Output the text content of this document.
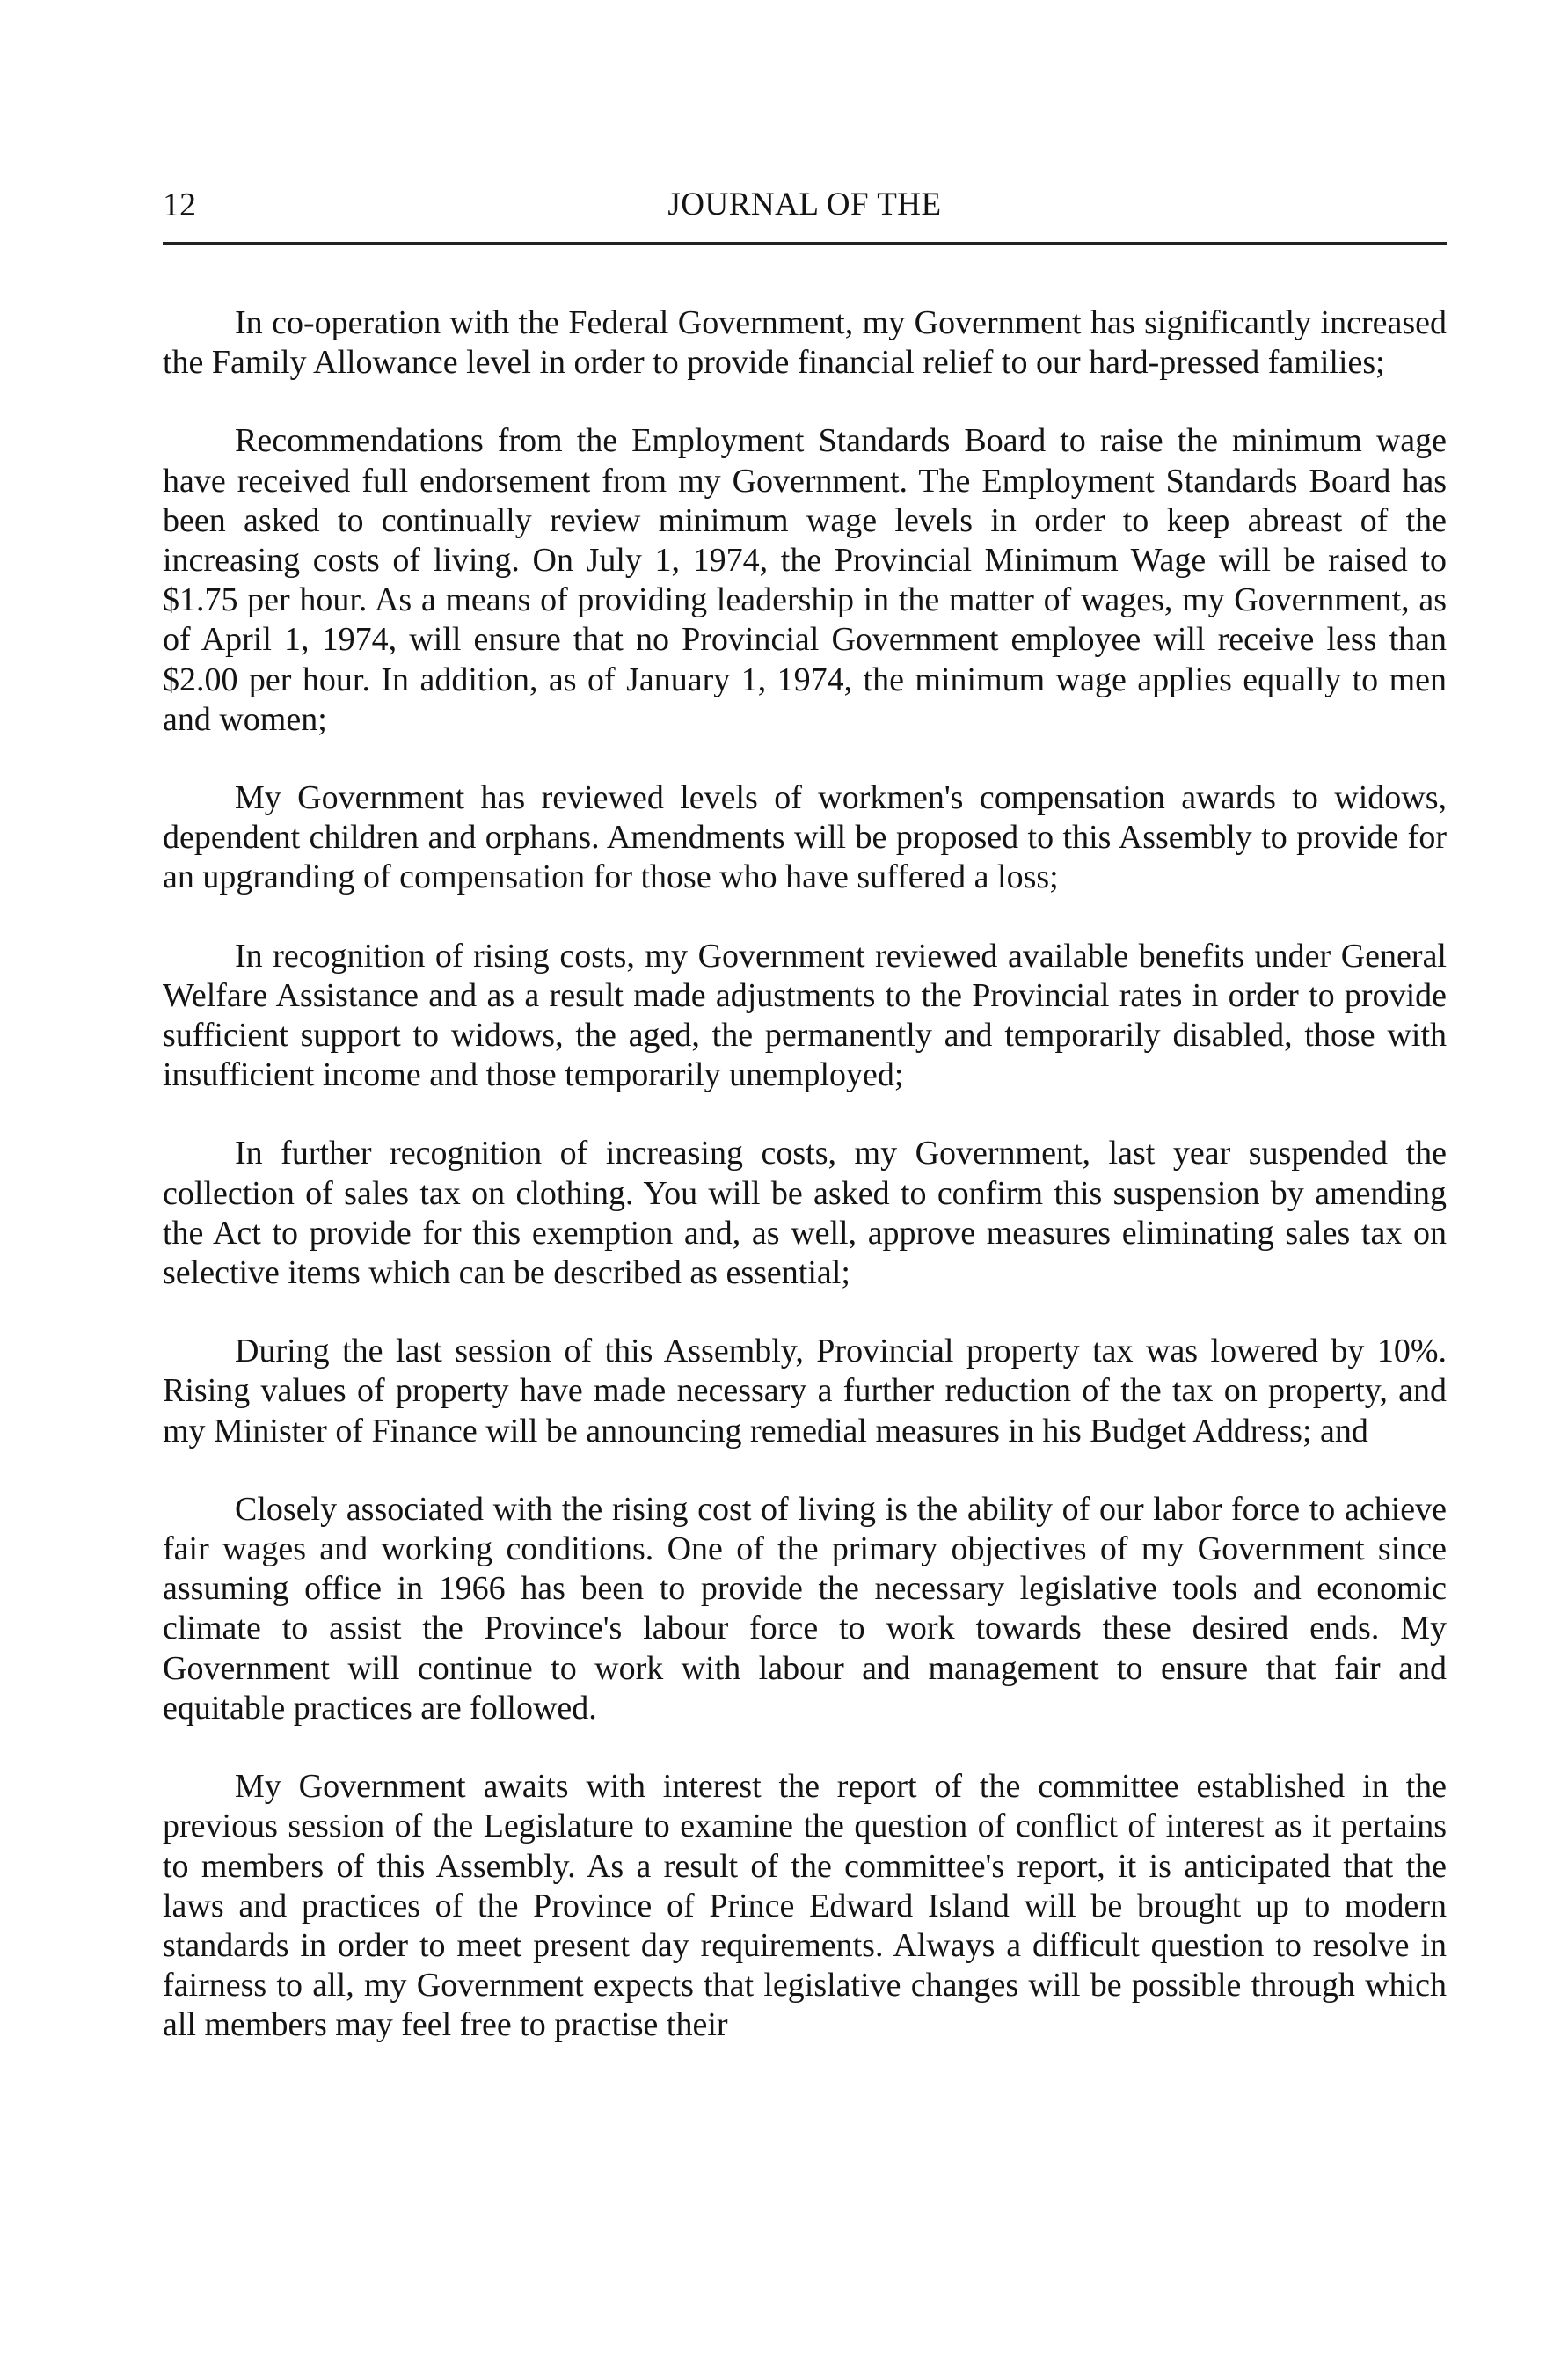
12	JOURNAL OF THE

In co-operation with the Federal Government, my Government has significantly increased the Family Allowance level in order to provide financial relief to our hard-pressed families;

Recommendations from the Employment Standards Board to raise the minimum wage have received full endorsement from my Government. The Employment Standards Board has been asked to continually review minimum wage levels in order to keep abreast of the increasing costs of living. On July 1, 1974, the Provincial Minimum Wage will be raised to $1.75 per hour. As a means of providing leadership in the matter of wages, my Government, as of April 1, 1974, will ensure that no Provincial Government employee will receive less than $2.00 per hour. In addition, as of January 1, 1974, the minimum wage applies equally to men and women;

My Government has reviewed levels of workmen's compensation awards to widows, dependent children and orphans. Amendments will be proposed to this Assembly to provide for an upgranding of compensation for those who have suffered a loss;

In recognition of rising costs, my Government reviewed available benefits under General Welfare Assistance and as a result made adjustments to the Provincial rates in order to provide sufficient support to widows, the aged, the permanently and temporarily disabled, those with insufficient income and those temporarily unemployed;

In further recognition of increasing costs, my Government, last year suspended the collection of sales tax on clothing. You will be asked to confirm this suspension by amending the Act to provide for this exemption and, as well, approve measures eliminating sales tax on selective items which can be described as essential;

During the last session of this Assembly, Provincial property tax was lowered by 10%. Rising values of property have made necessary a further reduction of the tax on property, and my Minister of Finance will be announcing remedial measures in his Budget Address; and

Closely associated with the rising cost of living is the ability of our labor force to achieve fair wages and working conditions. One of the primary objectives of my Government since assuming office in 1966 has been to provide the necessary legislative tools and economic climate to assist the Province's labour force to work towards these desired ends. My Government will continue to work with labour and management to ensure that fair and equitable practices are followed.

My Government awaits with interest the report of the committee established in the previous session of the Legislature to examine the question of conflict of interest as it pertains to members of this Assembly. As a result of the committee's report, it is anticipated that the laws and practices of the Province of Prince Edward Island will be brought up to modern standards in order to meet present day requirements. Always a difficult question to resolve in fairness to all, my Government expects that legislative changes will be possible through which all members may feel free to practise their
